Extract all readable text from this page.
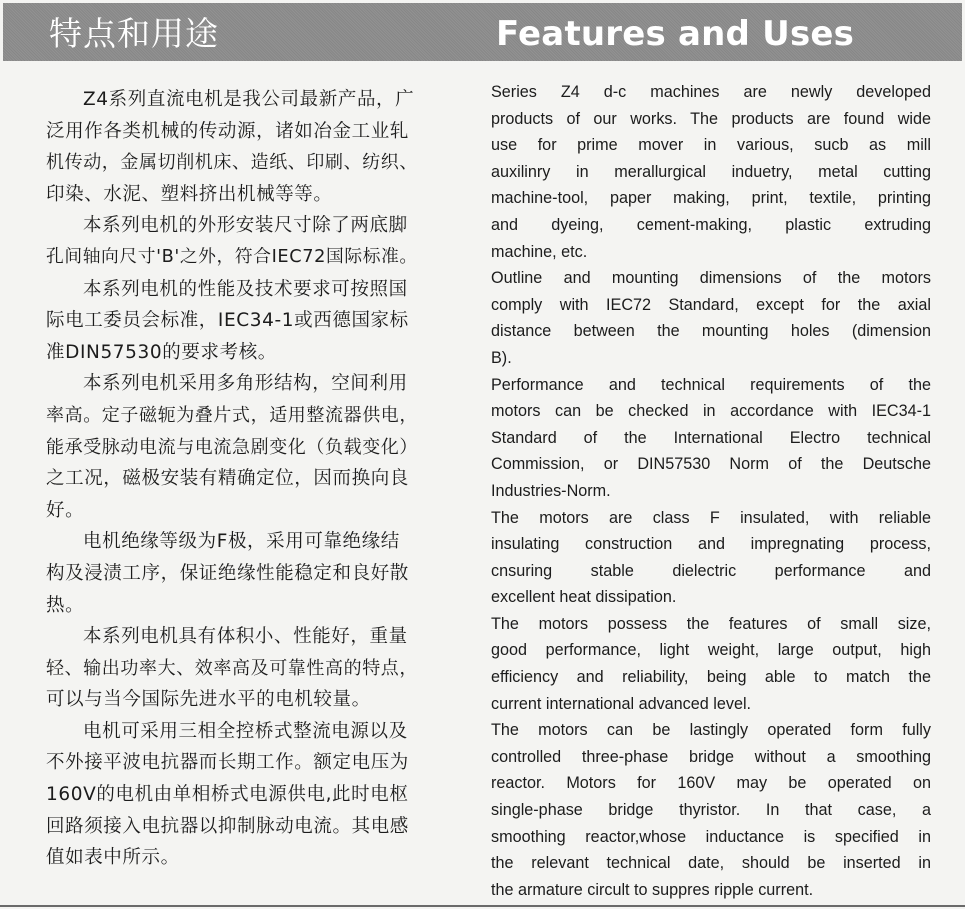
特点和用途	Features and Uses
Z4系列直流电机是我公司最新产品，广
泛用作各类机械的传动源，诸如冶金工业轧
机传动，金属切削机床、造纸、印刷、纺织、
印染、水泥、塑料挤出机械等等。
本系列电机的外形安装尺寸除了两底脚
孔间轴向尺寸'B'之外，符合IEC72国际标准。
本系列电机的性能及技术要求可按照国
际电工委员会标准，IEC34-1或西德国家标
准DIN57530的要求考核。
本系列电机采用多角形结构，空间利用
率高。定子磁轭为叠片式，适用整流器供电，
能承受脉动电流与电流急剧变化（负载变化）
之工况，磁极安装有精确定位，因而换向良
好。
电机绝缘等级为F极，采用可靠绝缘结
构及浸渍工序，保证绝缘性能稳定和良好散
热。
本系列电机具有体积小、性能好，重量
轻、输出功率大、效率高及可靠性高的特点，
可以与当今国际先进水平的电机较量。
电机可采用三相全控桥式整流电源以及
不外接平波电抗器而长期工作。额定电压为
160V的电机由单相桥式电源供电,此时电枢
回路须接入电抗器以抑制脉动电流。其电感
值如表中所示。
Series Z4 d-c machines are newly developed
products of our works. The products are found wide
use for prime mover in various, sucb as mill
auxilinry in merallurgical induetry, metal cutting
machine-tool, paper making, print, textile, printing
and dyeing, cement-making, plastic extruding
machine, etc.
Outline and mounting dimensions of the motors
comply with IEC72 Standard, except for the axial
distance between the mounting holes (dimension
B).
Performance and technical requirements of the
motors can be checked in accordance with IEC34-1
Standard of the International Electro technical
Commission, or DIN57530 Norm of the Deutsche
Industries-Norm.
The motors are class F insulated, with reliable
insulating construction and impregnating process,
cnsuring stable dielectric performance and
excellent heat dissipation.
The motors possess the features of small size,
good performance, light weight, large output, high
efficiency and reliability, being able to match the
current international advanced level.
The motors can be lastingly operated form fully
controlled three-phase bridge without a smoothing
reactor. Motors for 160V may be operated on
single-phase bridge thyristor. In that case, a
smoothing reactor,whose inductance is specified in
the relevant technical date, should be inserted in
the armature circult to suppres ripple current.
